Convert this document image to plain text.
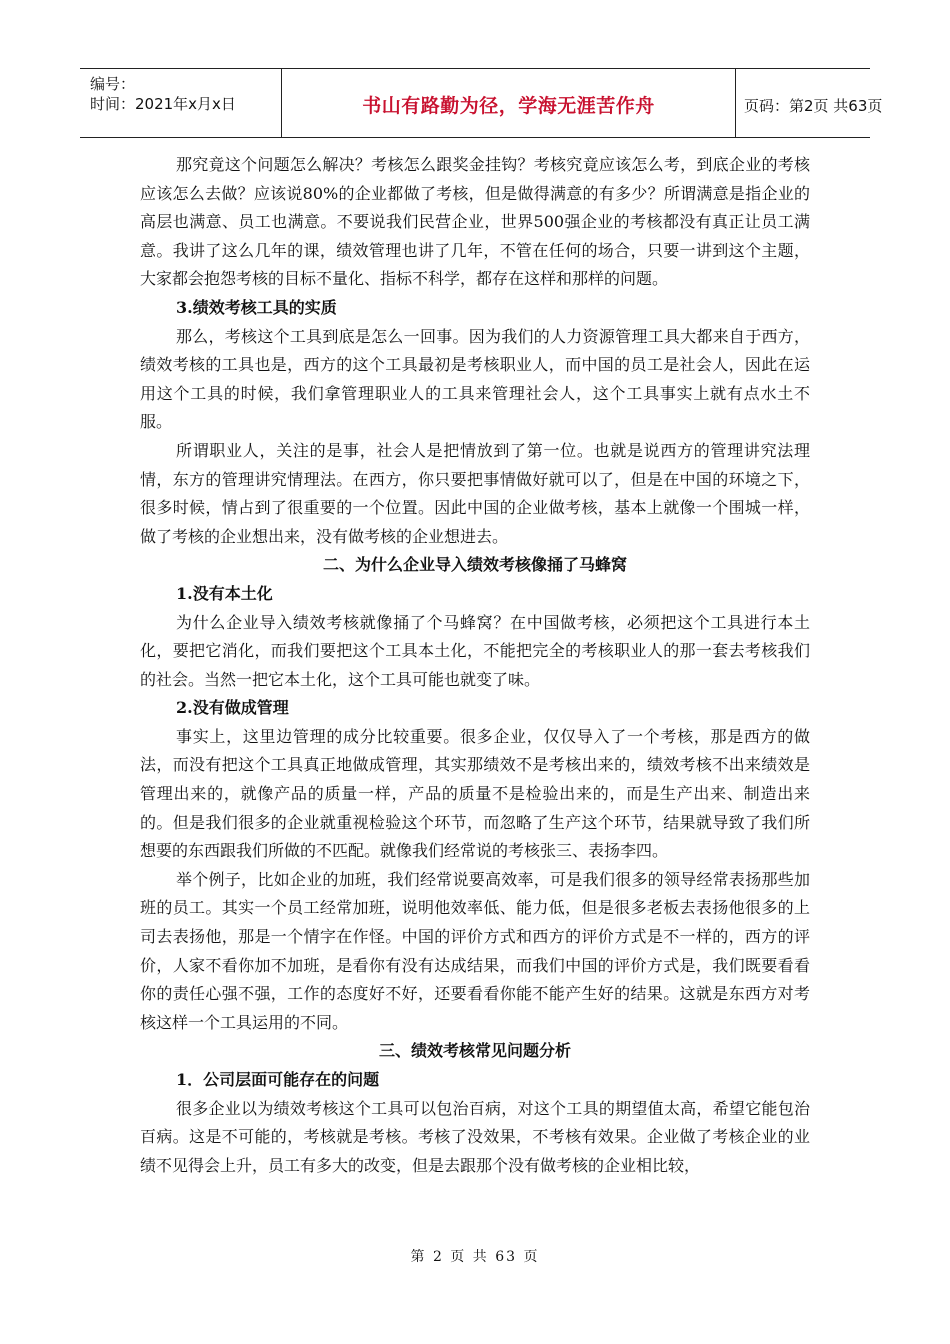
编号：
时间：2021年x月x日	书山有路勤为径，学海无涯苦作舟	页码：第2页 共63页

那究竟这个问题怎么解决？考核怎么跟奖金挂钩？考核究竟应该怎么考，到底企业的考核应该怎么去做？应该说80%的企业都做了考核，但是做得满意的有多少？所谓满意是指企业的高层也满意、员工也满意。不要说我们民营企业，世界500强企业的考核都没有真正让员工满意。我讲了这么几年的课，绩效管理也讲了几年，不管在任何的场合，只要一讲到这个主题，大家都会抱怨考核的目标不量化、指标不科学，都存在这样和那样的问题。

3.绩效考核工具的实质

那么，考核这个工具到底是怎么一回事。因为我们的人力资源管理工具大都来自于西方，绩效考核的工具也是，西方的这个工具最初是考核职业人，而中国的员工是社会人，因此在运用这个工具的时候，我们拿管理职业人的工具来管理社会人，这个工具事实上就有点水土不服。

所谓职业人，关注的是事，社会人是把情放到了第一位。也就是说西方的管理讲究法理情，东方的管理讲究情理法。在西方，你只要把事情做好就可以了，但是在中国的环境之下，很多时候，情占到了很重要的一个位置。因此中国的企业做考核，基本上就像一个围城一样，做了考核的企业想出来，没有做考核的企业想进去。

二、为什么企业导入绩效考核像捅了马蜂窝

1.没有本土化

为什么企业导入绩效考核就像捅了个马蜂窝？在中国做考核，必须把这个工具进行本土化，要把它消化，而我们要把这个工具本土化，不能把完全的考核职业人的那一套去考核我们的社会。当然一把它本土化，这个工具可能也就变了味。

2.没有做成管理

事实上，这里边管理的成分比较重要。很多企业，仅仅导入了一个考核，那是西方的做法，而没有把这个工具真正地做成管理，其实那绩效不是考核出来的，绩效考核不出来绩效是管理出来的，就像产品的质量一样，产品的质量不是检验出来的，而是生产出来、制造出来的。但是我们很多的企业就重视检验这个环节，而忽略了生产这个环节，结果就导致了我们所想要的东西跟我们所做的不匹配。就像我们经常说的考核张三、表扬李四。

举个例子，比如企业的加班，我们经常说要高效率，可是我们很多的领导经常表扬那些加班的员工。其实一个员工经常加班，说明他效率低、能力低，但是很多老板去表扬他很多的上司去表扬他，那是一个情字在作怪。中国的评价方式和西方的评价方式是不一样的，西方的评价，人家不看你加不加班，是看你有没有达成结果，而我们中国的评价方式是，我们既要看看你的责任心强不强，工作的态度好不好，还要看看你能不能产生好的结果。这就是东西方对考核这样一个工具运用的不同。

三、绩效考核常见问题分析

1．公司层面可能存在的问题

很多企业以为绩效考核这个工具可以包治百病，对这个工具的期望值太高，希望它能包治百病。这是不可能的，考核就是考核。考核了没效果，不考核有效果。企业做了考核企业的业绩不见得会上升，员工有多大的改变，但是去跟那个没有做考核的企业相比较，

第 2 页 共 63 页
